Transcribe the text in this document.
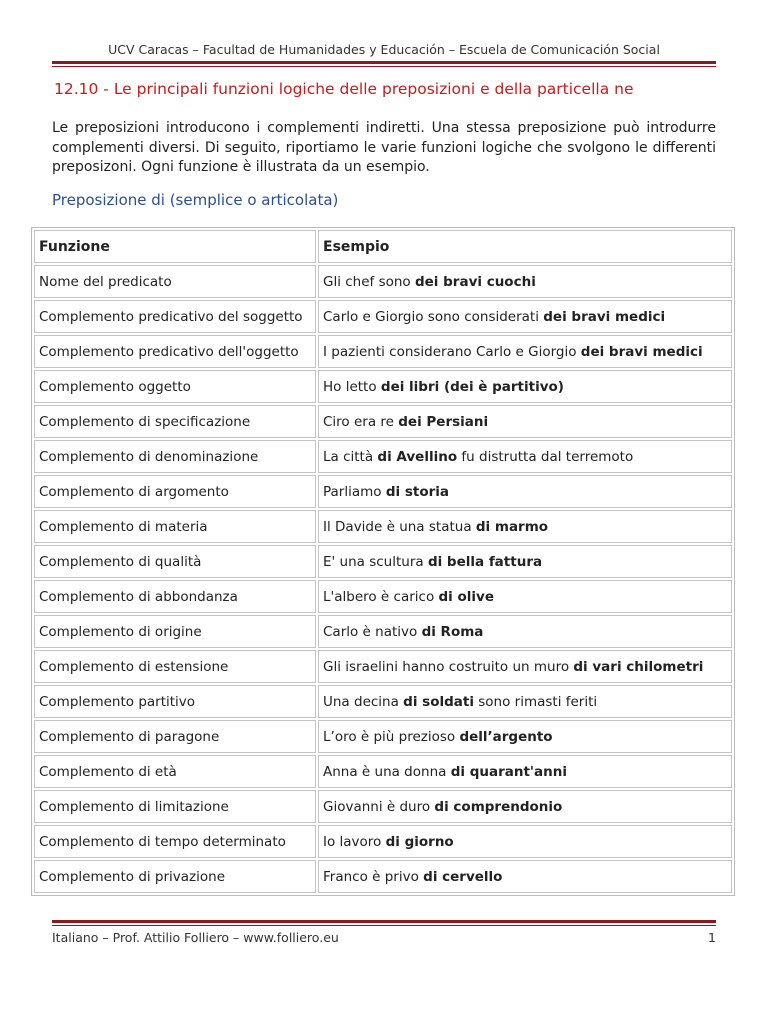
UCV Caracas – Facultad de Humanidades y Educación – Escuela de Comunicación Social
12.10 - Le principali funzioni logiche delle preposizioni e della particella ne
Le preposizioni introducono i complementi indiretti. Una stessa preposizione può introdurre complementi diversi. Di seguito, riportiamo le varie funzioni logiche che svolgono le differenti preposizoni. Ogni funzione è illustrata da un esempio.
Preposizione di (semplice o articolata)
Funzione	Esempio
Nome del predicato	Gli chef sono dei bravi cuochi
Complemento predicativo del soggetto	Carlo e Giorgio sono considerati dei bravi medici
Complemento predicativo dell'oggetto	I pazienti considerano Carlo e Giorgio dei bravi medici
Complemento oggetto	Ho letto dei libri (dei è partitivo)
Complemento di specificazione	Ciro era re dei Persiani
Complemento di denominazione	La città di Avellino fu distrutta dal terremoto
Complemento di argomento	Parliamo di storia
Complemento di materia	Il Davide è una statua di marmo
Complemento di qualità	E' una scultura di bella fattura
Complemento di abbondanza	L'albero è carico di olive
Complemento di origine	Carlo è nativo di Roma
Complemento di estensione	Gli israelini hanno costruito un muro di vari chilometri
Complemento partitivo	Una decina di soldati sono rimasti feriti
Complemento di paragone	L’oro è più prezioso dell’argento
Complemento di età	Anna è una donna di quarant'anni
Complemento di limitazione	Giovanni è duro di comprendonio
Complemento di tempo determinato	Io lavoro di giorno
Complemento di privazione	Franco è privo di cervello
Italiano – Prof. Attilio Folliero – www.folliero.eu	1
